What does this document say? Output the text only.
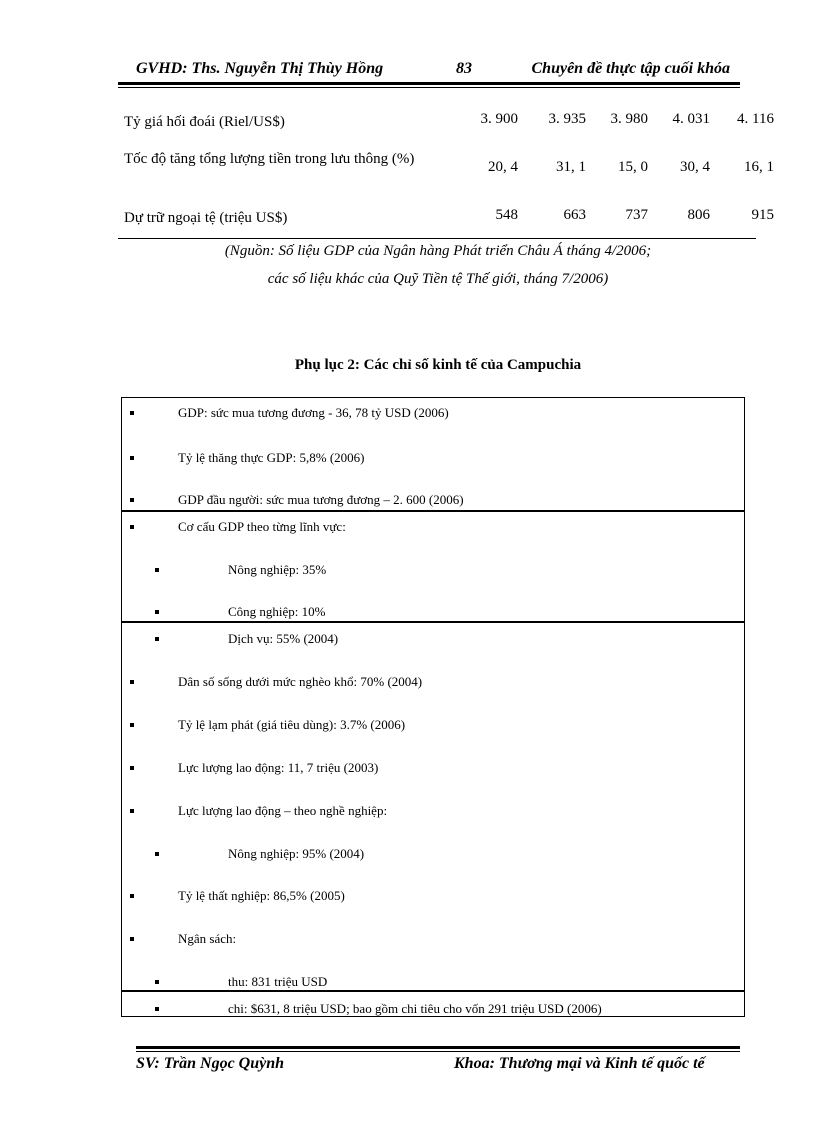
GVHD: Ths. Nguyễn Thị Thùy Hồng	83	Chuyên đề thực tập cuối khóa
Tỷ giá hối đoái (Riel/US$)	3. 900	3. 935	3. 980	4. 031	4. 116
Tốc độ tăng tổng lượng tiền trong lưu thông (%)	20, 4	31, 1	15, 0	30, 4	16, 1
Dự trữ ngoại tệ (triệu US$)	548	663	737	806	915
(Nguồn: Số liệu GDP của Ngân hàng Phát triển Châu Á tháng 4/2006;
các số liệu khác của Quỹ Tiền tệ Thế giới, tháng 7/2006)
Phụ lục 2: Các chỉ số kinh tế của Campuchia
GDP: sức mua tương đương - 36, 78 tỷ USD (2006)
Tỷ lệ thăng thực GDP: 5,8% (2006)
GDP đầu người: sức mua tương đương – 2. 600 (2006)
Cơ cấu GDP theo từng lĩnh vực:
Nông nghiệp: 35%
Công nghiệp: 10%
Dịch vụ: 55% (2004)
Dân số sống dưới mức nghèo khổ: 70% (2004)
Tỷ lệ lạm phát (giá tiêu dùng): 3.7% (2006)
Lực lượng lao động: 11, 7 triệu (2003)
Lực lượng lao động – theo nghề nghiệp:
Nông nghiệp: 95% (2004)
Tỷ lệ thất nghiệp: 86,5% (2005)
Ngân sách:
thu: 831 triệu USD
chi: $631, 8 triệu USD; bao gồm chi tiêu cho vốn 291 triệu USD (2006)
SV: Trần Ngọc Quỳnh	Khoa: Thương mại và Kinh tế quốc tế
